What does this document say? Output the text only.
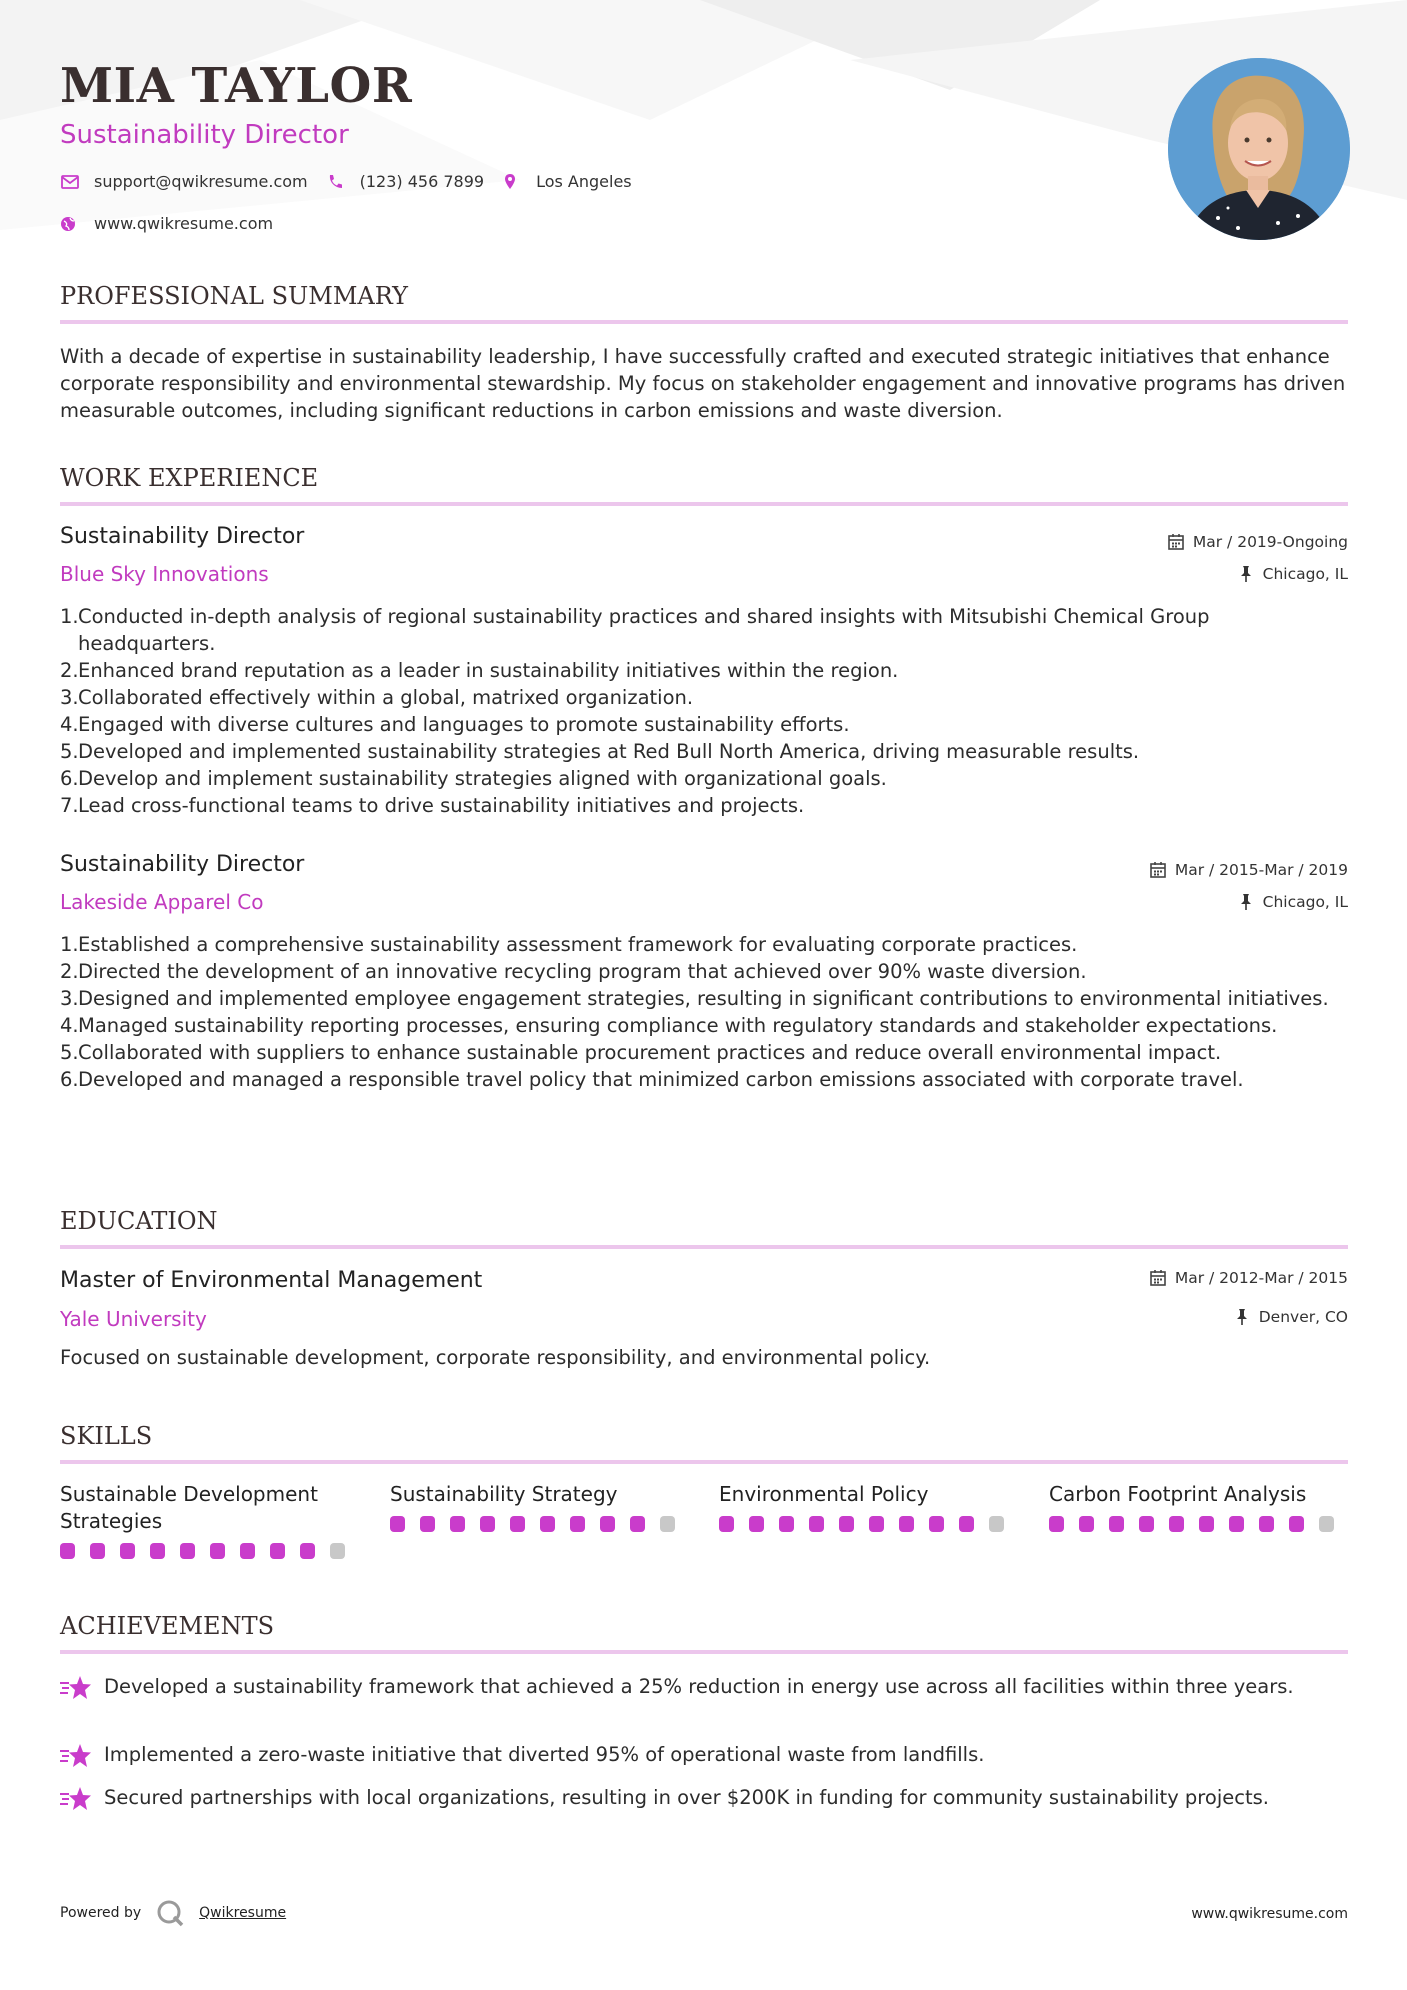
MIA TAYLOR
Sustainability Director
support@qwikresume.com	(123) 456 7899	Los Angeles
www.qwikresume.com
PROFESSIONAL SUMMARY
With a decade of expertise in sustainability leadership, I have successfully crafted and executed strategic initiatives that enhance corporate responsibility and environmental stewardship. My focus on stakeholder engagement and innovative programs has driven measurable outcomes, including significant reductions in carbon emissions and waste diversion.
WORK EXPERIENCE
Sustainability Director
Blue Sky Innovations
Mar / 2019-Ongoing
Chicago, IL
1. Conducted in-depth analysis of regional sustainability practices and shared insights with Mitsubishi Chemical Group headquarters.
2. Enhanced brand reputation as a leader in sustainability initiatives within the region.
3. Collaborated effectively within a global, matrixed organization.
4. Engaged with diverse cultures and languages to promote sustainability efforts.
5. Developed and implemented sustainability strategies at Red Bull North America, driving measurable results.
6. Develop and implement sustainability strategies aligned with organizational goals.
7. Lead cross-functional teams to drive sustainability initiatives and projects.
Sustainability Director
Lakeside Apparel Co
Mar / 2015-Mar / 2019
Chicago, IL
1. Established a comprehensive sustainability assessment framework for evaluating corporate practices.
2. Directed the development of an innovative recycling program that achieved over 90% waste diversion.
3. Designed and implemented employee engagement strategies, resulting in significant contributions to environmental initiatives.
4. Managed sustainability reporting processes, ensuring compliance with regulatory standards and stakeholder expectations.
5. Collaborated with suppliers to enhance sustainable procurement practices and reduce overall environmental impact.
6. Developed and managed a responsible travel policy that minimized carbon emissions associated with corporate travel.
EDUCATION
Master of Environmental Management
Yale University
Mar / 2012-Mar / 2015
Denver, CO
Focused on sustainable development, corporate responsibility, and environmental policy.
SKILLS
Sustainable Development Strategies
Sustainability Strategy	Environmental Policy	Carbon Footprint Analysis
ACHIEVEMENTS
Developed a sustainability framework that achieved a 25% reduction in energy use across all facilities within three years.
Implemented a zero-waste initiative that diverted 95% of operational waste from landfills.
Secured partnerships with local organizations, resulting in over $200K in funding for community sustainability projects.
Powered by	Qwikresume	www.qwikresume.com
